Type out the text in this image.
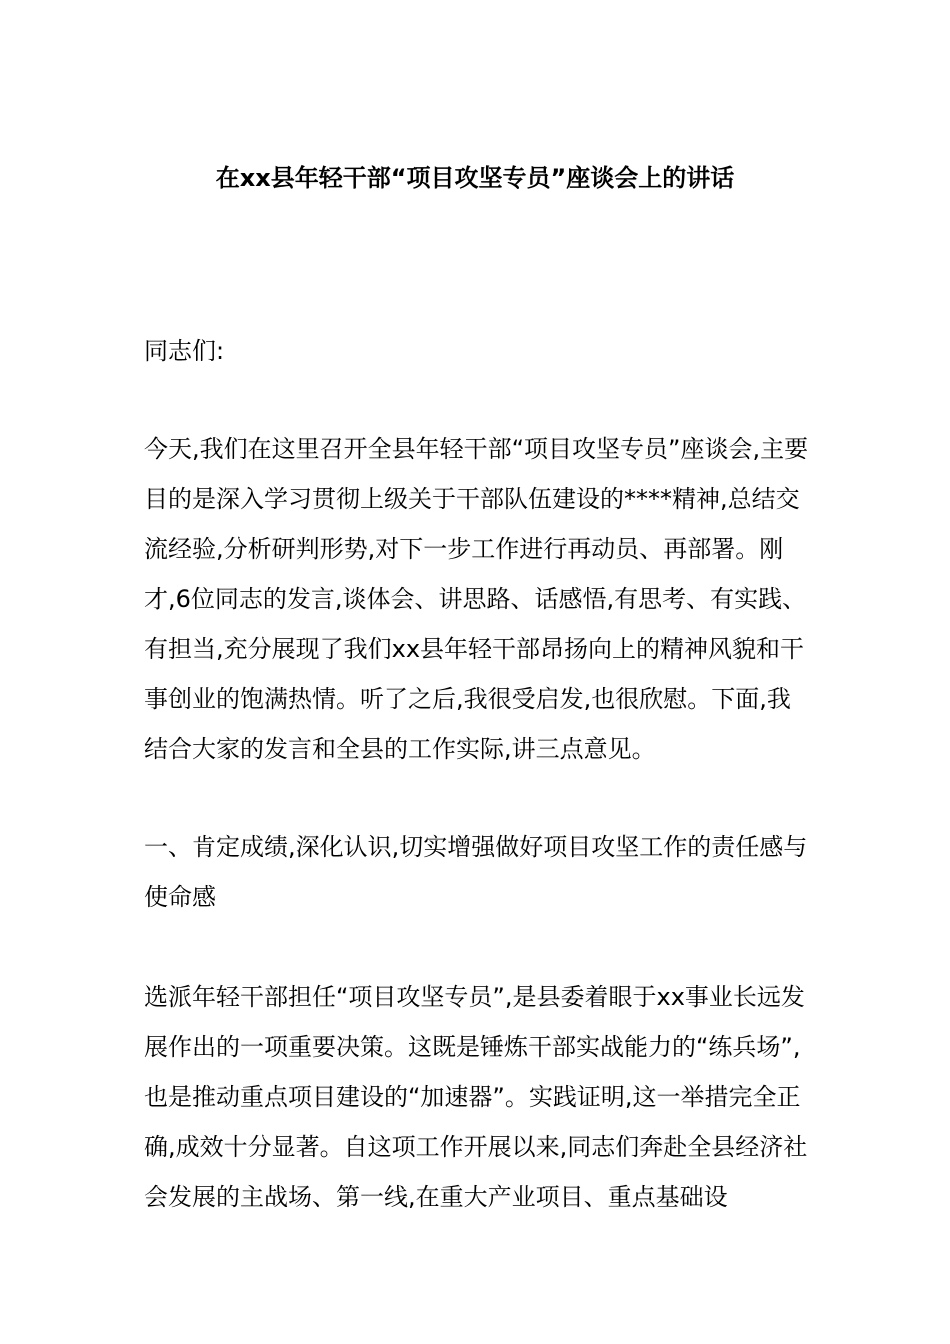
在xx县年轻干部“项目攻坚专员”座谈会上的讲话
同志们:
今天,我们在这里召开全县年轻干部“项目攻坚专员”座谈会,主要目的是深入学习贯彻上级关于干部队伍建设的****精神,总结交流经验,分析研判形势,对下一步工作进行再动员、再部署。刚才,6位同志的发言,谈体会、讲思路、话感悟,有思考、有实践、有担当,充分展现了我们xx县年轻干部昂扬向上的精神风貌和干事创业的饱满热情。听了之后,我很受启发,也很欣慰。下面,我结合大家的发言和全县的工作实际,讲三点意见。
一、肯定成绩,深化认识,切实增强做好项目攻坚工作的责任感与使命感
选派年轻干部担任“项目攻坚专员”,是县委着眼于xx事业长远发展作出的一项重要决策。这既是锤炼干部实战能力的“练兵场”,也是推动重点项目建设的“加速器”。实践证明,这一举措完全正确,成效十分显著。自这项工作开展以来,同志们奔赴全县经济社会发展的主战场、第一线,在重大产业项目、重点基础设
